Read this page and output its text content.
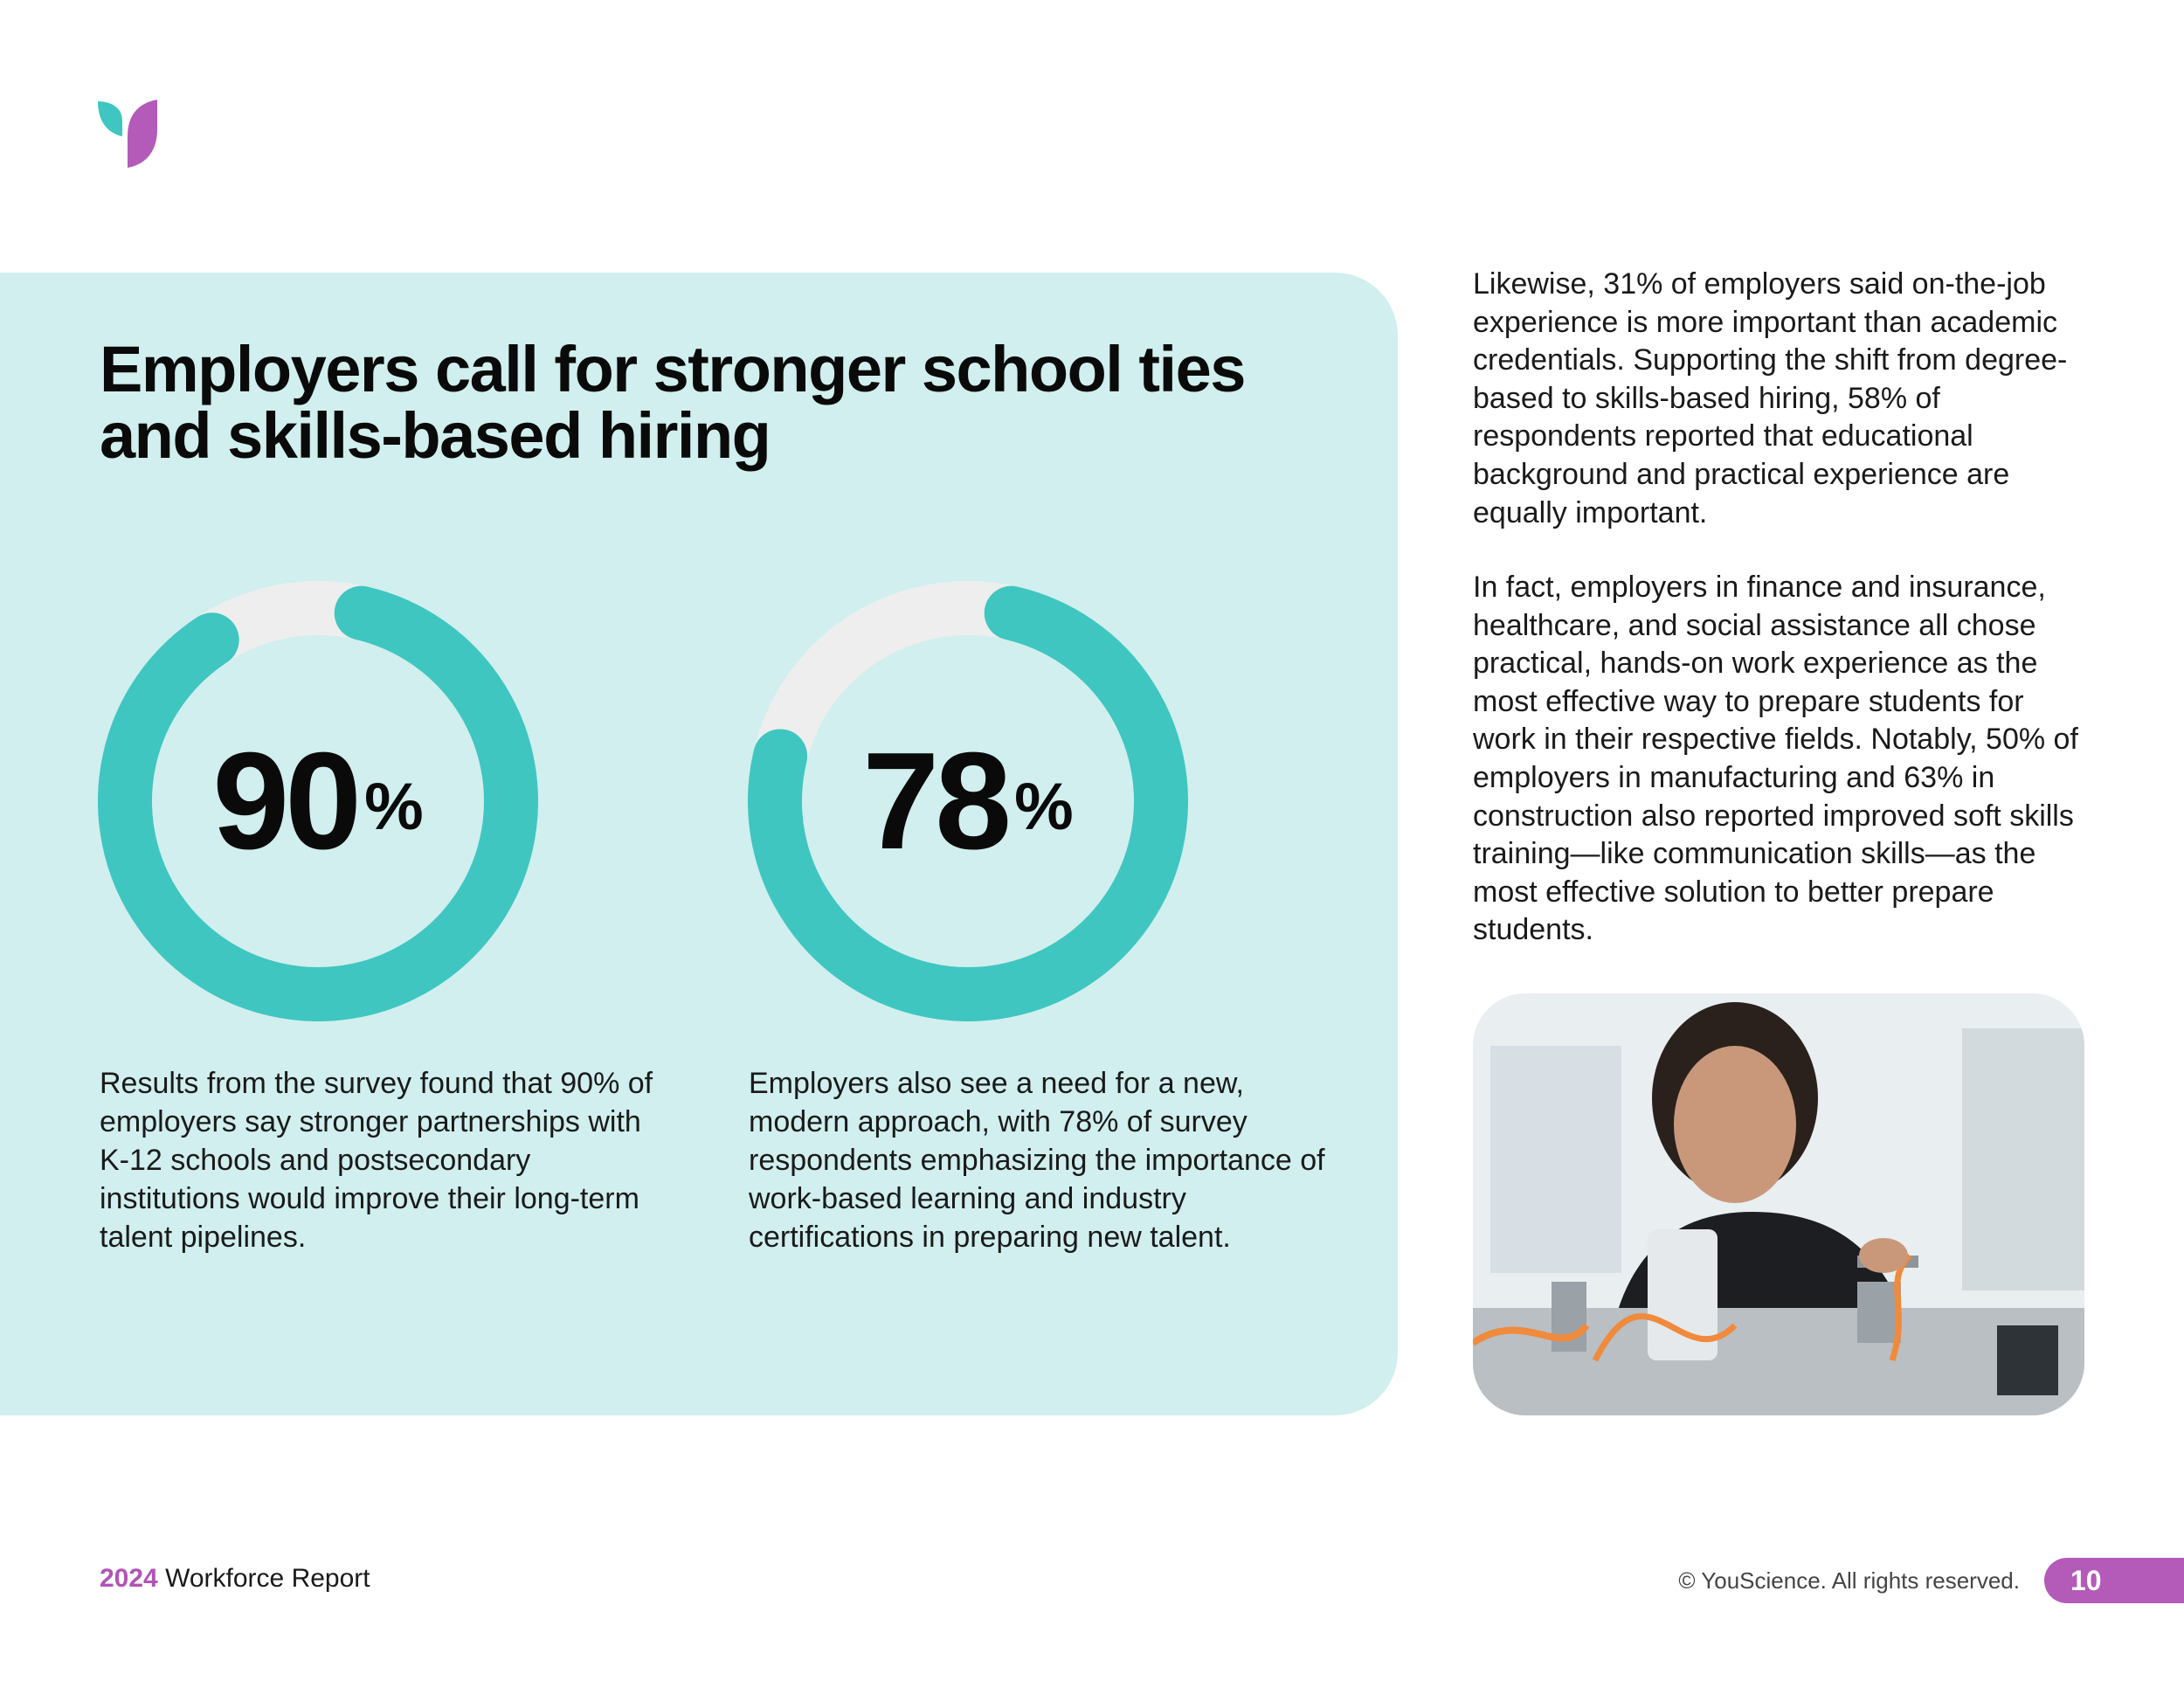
Employers call for stronger school ties and skills-based hiring
90 %	78 %

Results from the survey found that 90% of employers say stronger partnerships with K-12 schools and postsecondary institutions would improve their long-term talent pipelines.

Employers also see a need for a new, modern approach, with 78% of survey respondents emphasizing the importance of work-based learning and industry certifications in preparing new talent.

Likewise, 31% of employers said on-the-job experience is more important than academic credentials. Supporting the shift from degree-based to skills-based hiring, 58% of respondents reported that educational background and practical experience are equally important.

In fact, employers in finance and insurance, healthcare, and social assistance all chose practical, hands-on work experience as the most effective way to prepare students for work in their respective fields. Notably, 50% of employers in manufacturing and 63% in construction also reported improved soft skills training—like communication skills—as the most effective solution to better prepare students.

2024 Workforce Report	© YouScience. All rights reserved.	10
